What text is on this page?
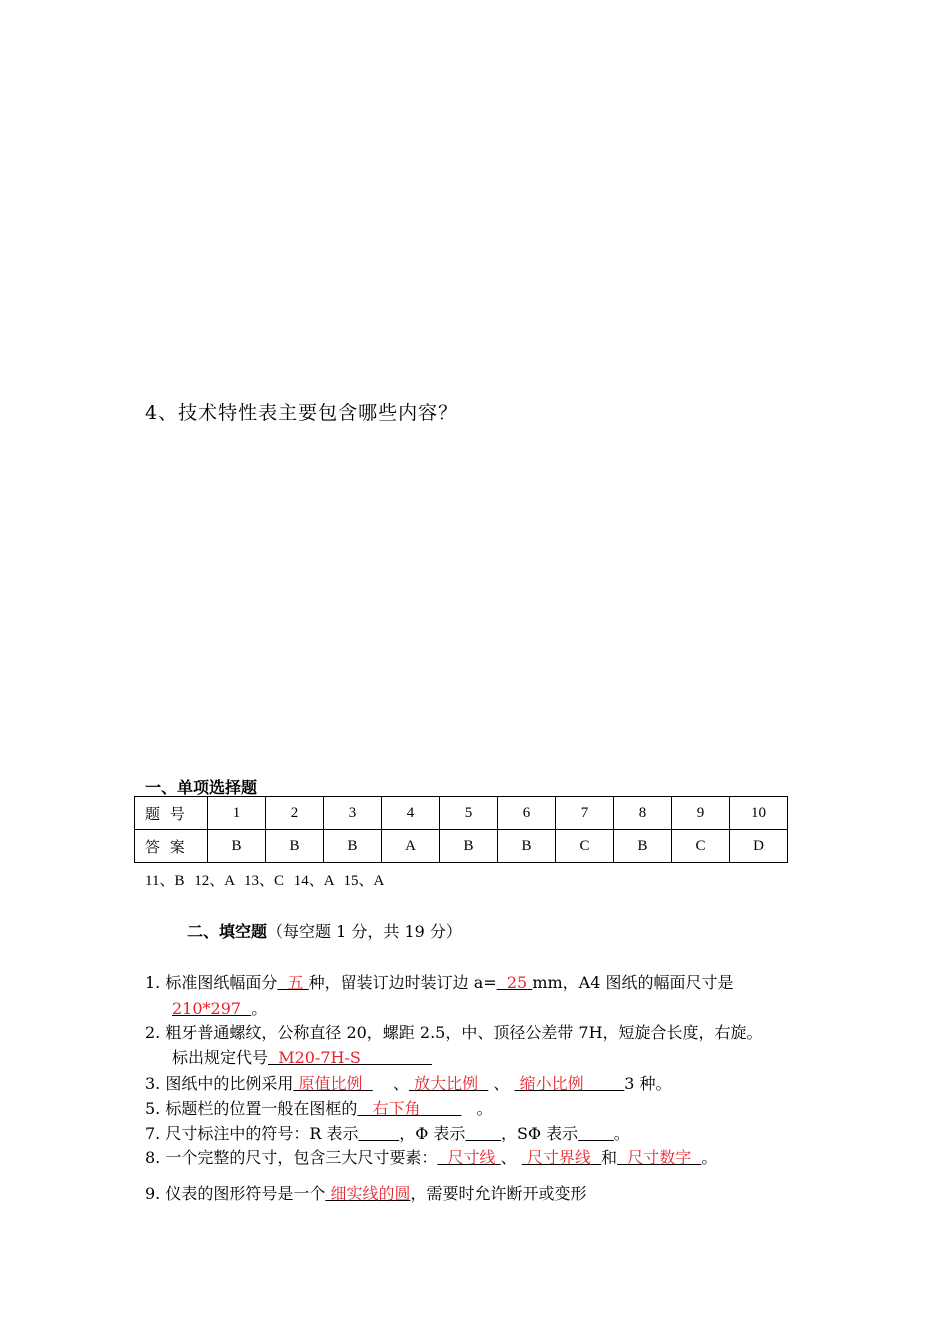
4、技术特性表主要包含哪些内容？
一、单项选择题
题 号	1	2	3	4	5	6	7	8	9	10
答 案	B	B	B	A	B	B	C	B	C	D
11、B 12、A 13、C 14、A 15、A
二、填空题（每空题 1 分，共 19 分）
1. 标准图纸幅面分 五 种，留装订边时装订边 a= 25 mm，A4 图纸的幅面尺寸是
210*297 。
2. 粗牙普通螺纹，公称直径 20，螺距 2.5，中、顶径公差带 7H，短旋合长度，右旋。
标出规定代号 M20-7H-S
3. 图纸中的比例采用 原值比例 、 放大比例 、 缩小比例	3 种。
5. 标题栏的位置一般在图框的 右下角	。
7. 尺寸标注中的符号：R 表示	，Φ 表示 ，SΦ 表示 。
8. 一个完整的尺寸，包含三大尺寸要素： 尺寸线 、 尺寸界线 和 尺寸数字 。
9. 仪表的图形符号是一个 细实线的圆，需要时允许断开或变形
